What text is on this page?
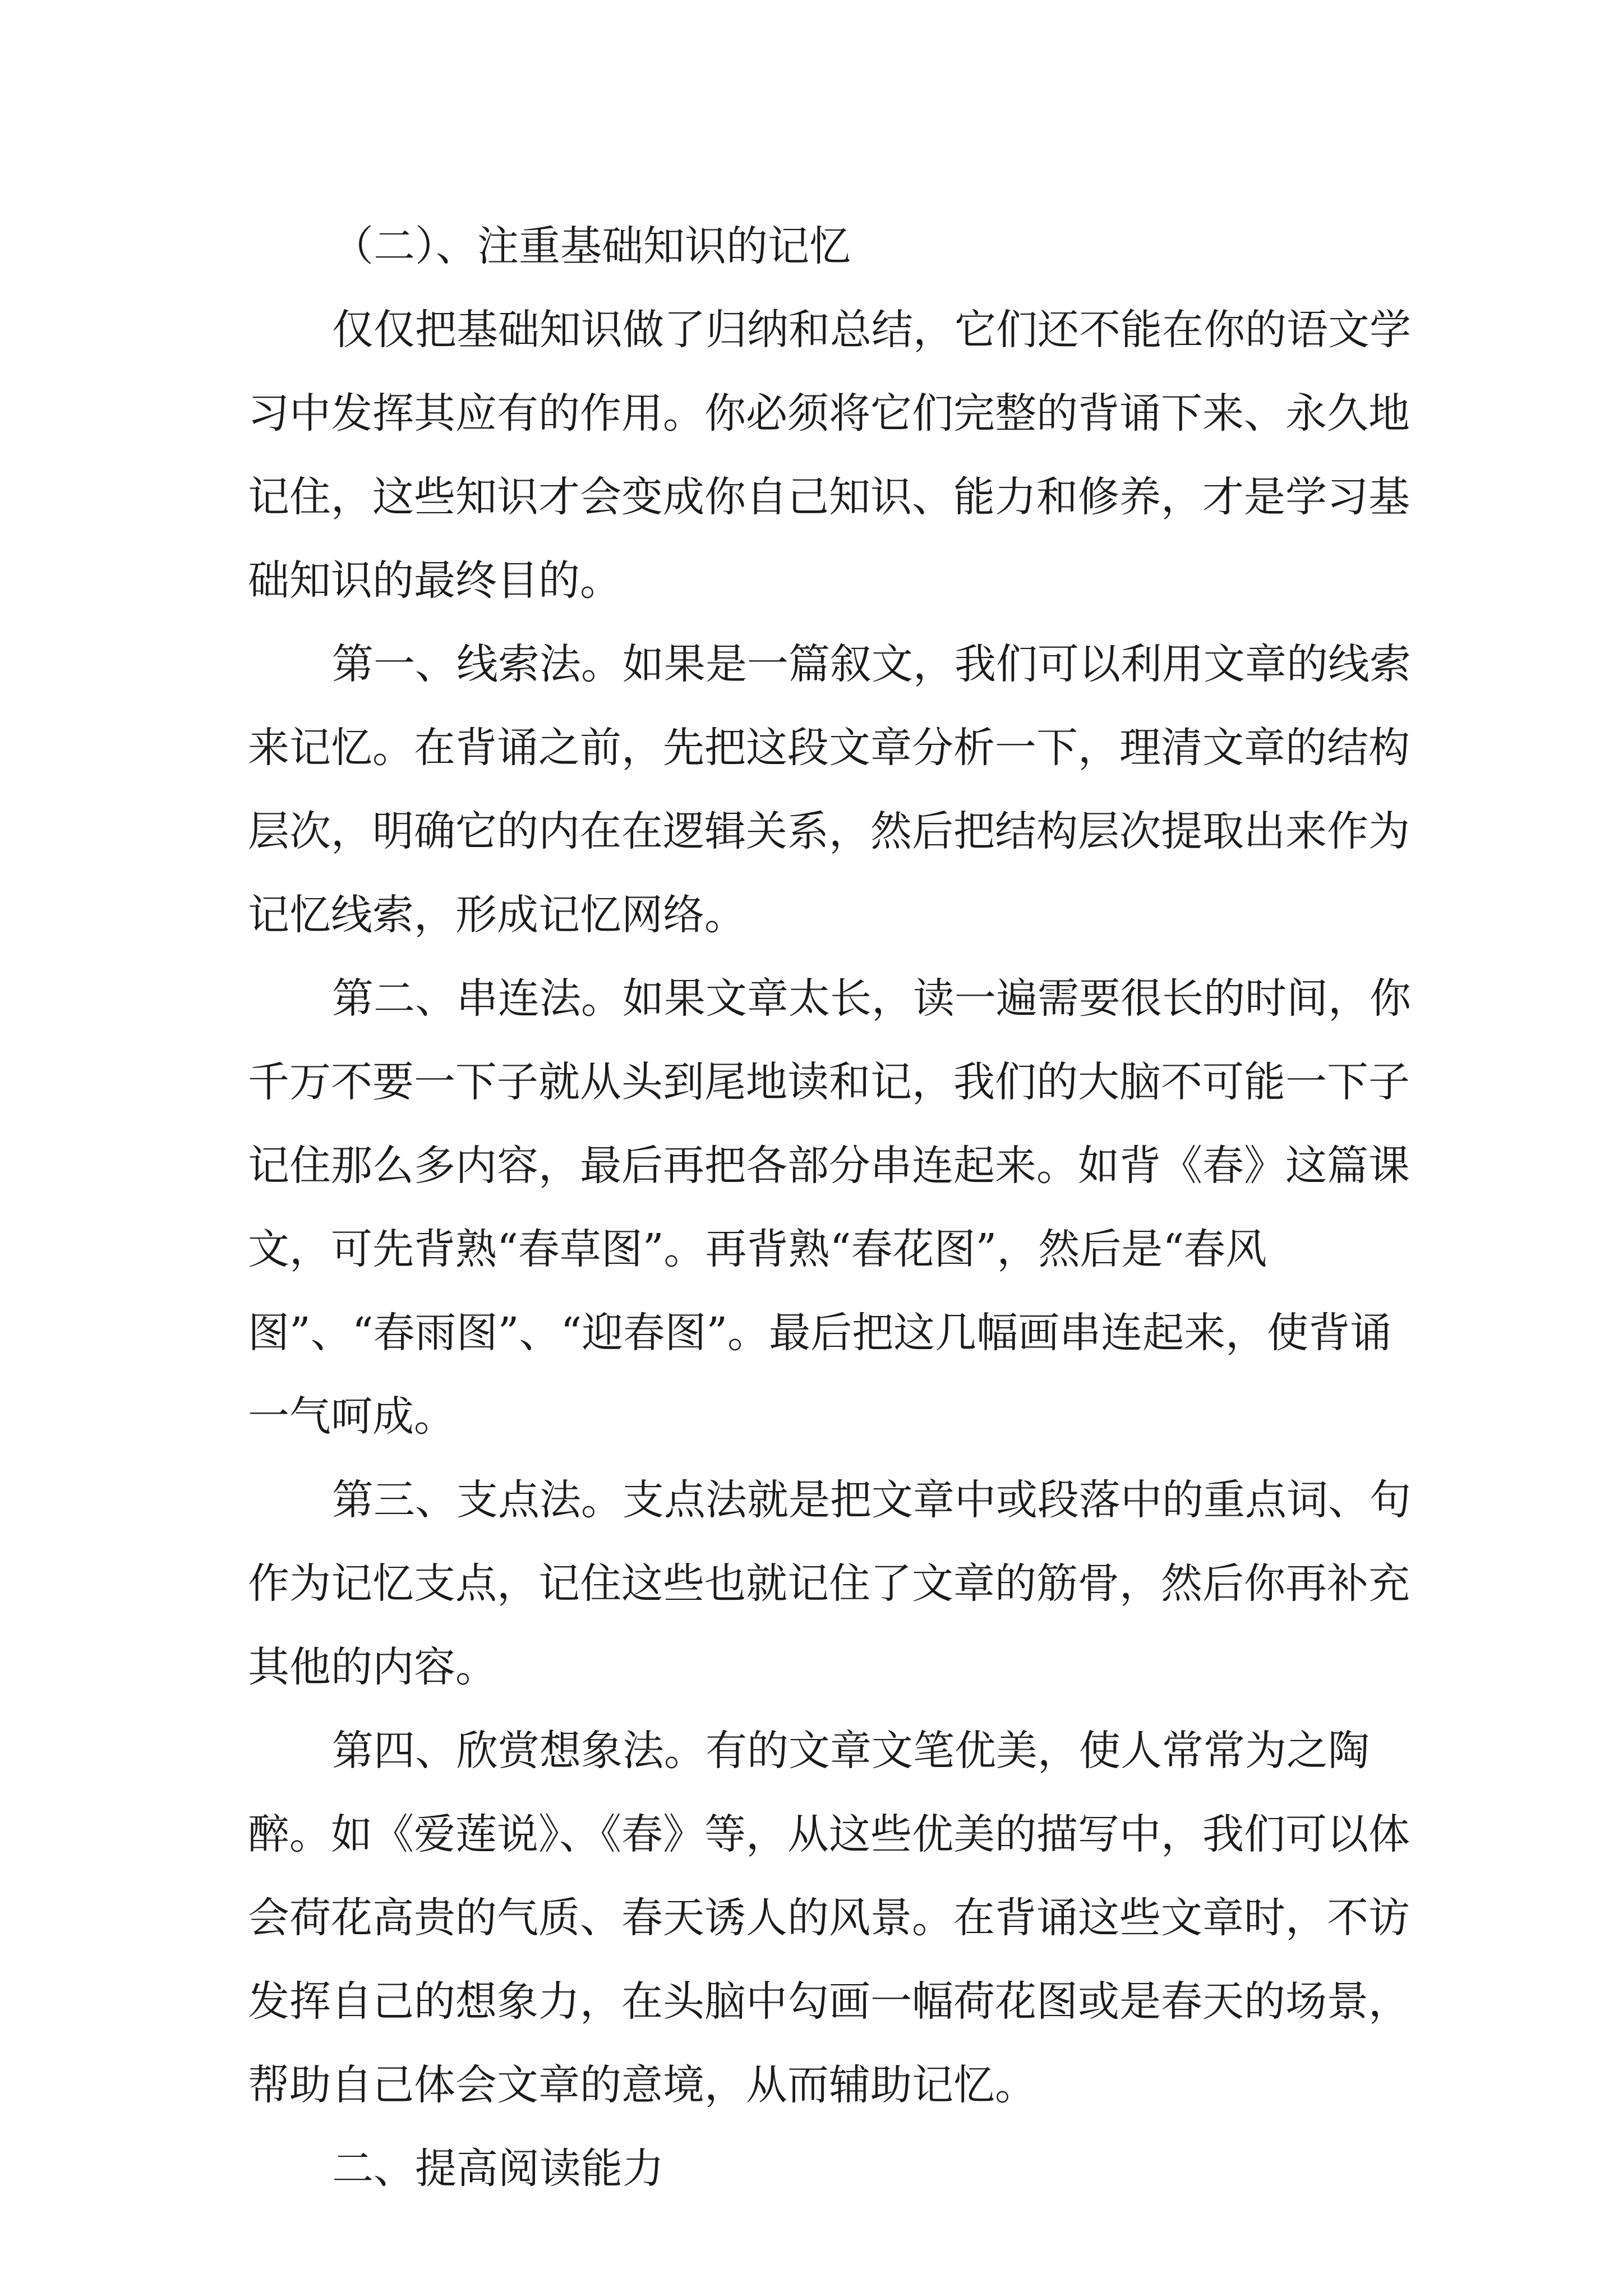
（二）、注重基础知识的记忆

仅仅把基础知识做了归纳和总结，它们还不能在你的语文学习中发挥其应有的作用。你必须将它们完整的背诵下来、永久地记住，这些知识才会变成你自己知识、能力和修养，才是学习基础知识的最终目的。

第一、线索法。如果是一篇叙文，我们可以利用文章的线索来记忆。在背诵之前，先把这段文章分析一下，理清文章的结构层次，明确它的内在在逻辑关系，然后把结构层次提取出来作为记忆线索，形成记忆网络。

第二、串连法。如果文章太长，读一遍需要很长的时间，你千万不要一下子就从头到尾地读和记，我们的大脑不可能一下子记住那么多内容，最后再把各部分串连起来。如背《春》这篇课文，可先背熟“春草图”。再背熟“春花图”，然后是“春风图”、“春雨图”、“迎春图”。最后把这几幅画串连起来，使背诵一气呵成。

第三、支点法。支点法就是把文章中或段落中的重点词、句作为记忆支点，记住这些也就记住了文章的筋骨，然后你再补充其他的内容。

第四、欣赏想象法。有的文章文笔优美，使人常常为之陶醉。如《爱莲说》、《春》等，从这些优美的描写中，我们可以体会荷花高贵的气质、春天诱人的风景。在背诵这些文章时，不访发挥自己的想象力，在头脑中勾画一幅荷花图或是春天的场景，帮助自己体会文章的意境，从而辅助记忆。

二、提高阅读能力
